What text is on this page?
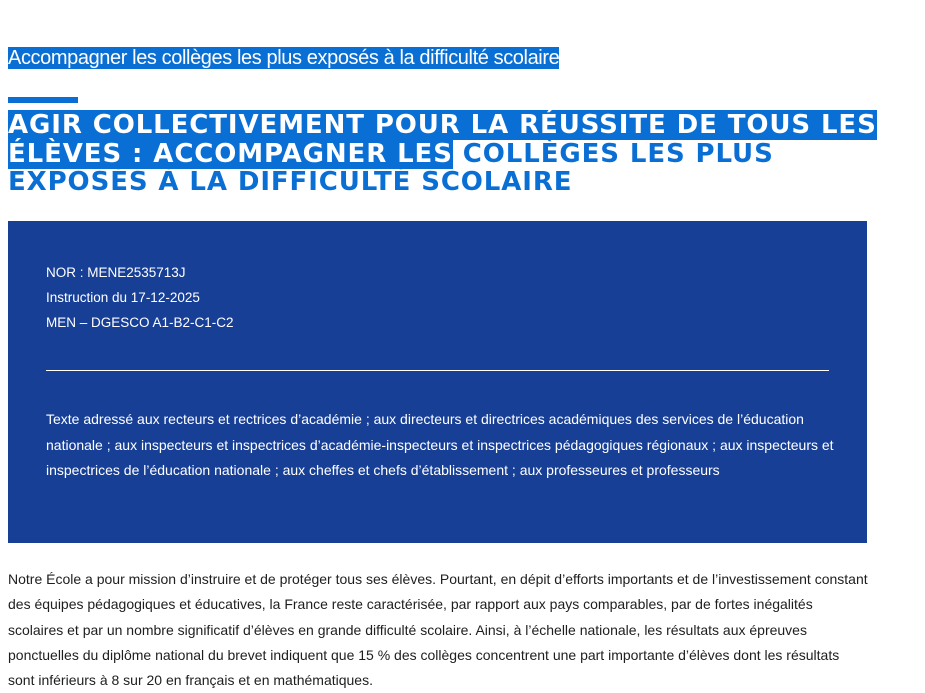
Accompagner les collèges les plus exposés à la difficulté scolaire
AGIR COLLECTIVEMENT POUR LA RÉUSSITE DE TOUS LES ÉLÈVES : ACCOMPAGNER LES COLLÈGES LES PLUS EXPOSÉS À LA DIFFICULTÉ SCOLAIRE
NOR : MENE2535713J
Instruction du 17-12-2025
MEN – DGESCO A1-B2-C1-C2

Texte adressé aux recteurs et rectrices d’académie ; aux directeurs et directrices académiques des services de l’éducation nationale ; aux inspecteurs et inspectrices d’académie-inspecteurs et inspectrices pédagogiques régionaux ; aux inspecteurs et inspectrices de l’éducation nationale ; aux cheffes et chefs d’établissement ; aux professeures et professeurs

Notre École a pour mission d’instruire et de protéger tous ses élèves. Pourtant, en dépit d’efforts importants et de l’investissement constant des équipes pédagogiques et éducatives, la France reste caractérisée, par rapport aux pays comparables, par de fortes inégalités scolaires et par un nombre significatif d’élèves en grande difficulté scolaire. Ainsi, à l’échelle nationale, les résultats aux épreuves ponctuelles du diplôme national du brevet indiquent que 15 % des collèges concentrent une part importante d’élèves dont les résultats sont inférieurs à 8 sur 20 en français et en mathématiques.
